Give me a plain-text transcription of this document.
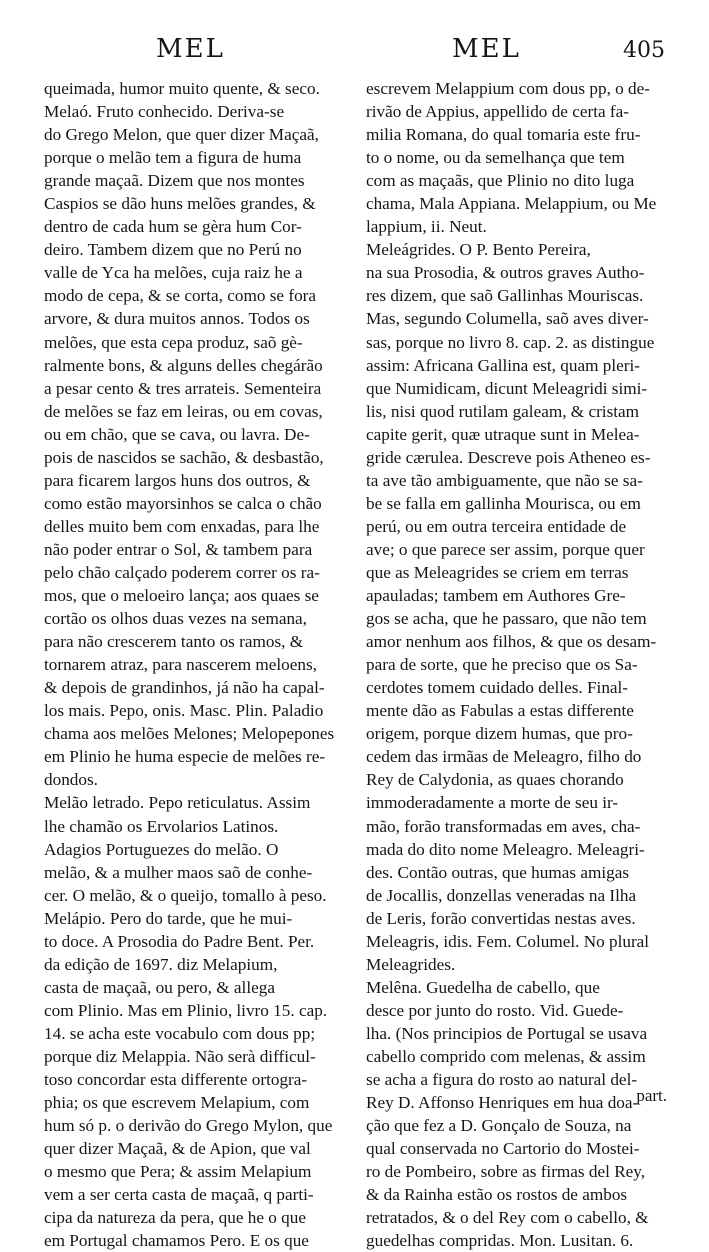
MEL	MEL	405
queimada, humor muito quente, & seco.
Melaó. Fruto conhecido. Deriva-se
do Grego Melon, que quer dizer Maçaã,
porque o melão tem a figura de huma
grande maçaã. Dizem que nos montes
Caspios se dão huns melões grandes, &
dentro de cada hum se gèra hum Cor-
deiro. Tambem dizem que no Perú no
valle de Yca ha melões, cuja raiz he a
modo de cepa, & se corta, como se fora
arvore, & dura muitos annos. Todos os
melões, que esta cepa produz, saõ gè-
ralmente bons, & alguns delles chegárão
a pesar cento & tres arrateis. Sementeira
de melões se faz em leiras, ou em covas,
ou em chão, que se cava, ou lavra. De-
pois de nascidos se sachão, & desbastão,
para ficarem largos huns dos outros, &
como estão mayorsinhos se calca o chão
delles muito bem com enxadas, para lhe
não poder entrar o Sol, & tambem para
pelo chão calçado poderem correr os ra-
mos, que o meloeiro lança; aos quaes se
cortão os olhos duas vezes na semana,
para não crescerem tanto os ramos, &
tornarem atraz, para nascerem meloens,
& depois de grandinhos, já não ha capal-
los mais. Pepo, onis. Masc. Plin. Paladio
chama aos melões Melones; Melopepones
em Plinio he huma especie de melões re-
dondos.
Melão letrado. Pepo reticulatus. Assim
lhe chamão os Ervolarios Latinos.
Adagios Portuguezes do melão. O
melão, & a mulher maos saõ de conhe-
cer. O melão, & o queijo, tomallo à peso.
Melápio. Pero do tarde, que he mui-
to doce. A Prosodia do Padre Bent. Per.
da edição de 1697. diz Melapium,
casta de maçaã, ou pero, & allega
com Plinio. Mas em Plinio, livro 15. cap.
14. se acha este vocabulo com dous pp;
porque diz Melappia. Não serà difficul-
toso concordar esta differente ortogra-
phia; os que escrevem Melapium, com
hum só p. o derivão do Grego Mylon, que
quer dizer Maçaã, & de Apion, que val
o mesmo que Pera; & assim Melapium
vem a ser certa casta de maçaã, q parti-
cipa da natureza da pera, que he o que
em Portugal chamamos Pero. E os que
escrevem Melappium com dous pp, o de-
rivão de Appius, appellido de certa fa-
milia Romana, do qual tomaria este fru-
to o nome, ou da semelhança que tem
com as maçaãs, que Plinio no dito luga
chama, Mala Appiana. Melappium, ou Me
lappium, ii. Neut.
Meleágrides. O P. Bento Pereira,
na sua Prosodia, & outros graves Autho-
res dizem, que saõ Gallinhas Mouriscas.
Mas, segundo Columella, saõ aves diver-
sas, porque no livro 8. cap. 2. as distingue
assim: Africana Gallina est, quam pleri-
que Numidicam, dicunt Meleagridi simi-
lis, nisi quod rutilam galeam, & cristam
capite gerit, quæ utraque sunt in Melea-
gride cærulea. Descreve pois Atheneo es-
ta ave tão ambiguamente, que não se sa-
be se falla em gallinha Mourisca, ou em
perú, ou em outra terceira entidade de
ave; o que parece ser assim, porque quer
que as Meleagrides se criem em terras
apauladas; tambem em Authores Gre-
gos se acha, que he passaro, que não tem
amor nenhum aos filhos, & que os desam-
para de sorte, que he preciso que os Sa-
cerdotes tomem cuidado delles. Final-
mente dão as Fabulas a estas differente
origem, porque dizem humas, que pro-
cedem das irmãas de Meleagro, filho do
Rey de Calydonia, as quaes chorando
immoderadamente a morte de seu ir-
mão, forão transformadas em aves, cha-
mada do dito nome Meleagro. Meleagri-
des. Contão outras, que humas amigas
de Jocallis, donzellas veneradas na Ilha
de Leris, forão convertidas nestas aves.
Meleagris, idis. Fem. Columel. No plural
Meleagrides.
Melêna. Guedelha de cabello, que
desce por junto do rosto. Vid. Guede-
lha. (Nos principios de Portugal se usava
cabello comprido com melenas, & assim
se acha a figura do rosto ao natural del-
Rey D. Affonso Henriques em hua doa-
ção que fez a D. Gonçalo de Souza, na
qual conservada no Cartorio do Mostei-
ro de Pombeiro, sobre as firmas del Rey,
& da Rainha estão os rostos de ambos
retratados, & o del Rey com o cabello, &
guedelhas compridas. Mon. Lusitan. 6.
part.
